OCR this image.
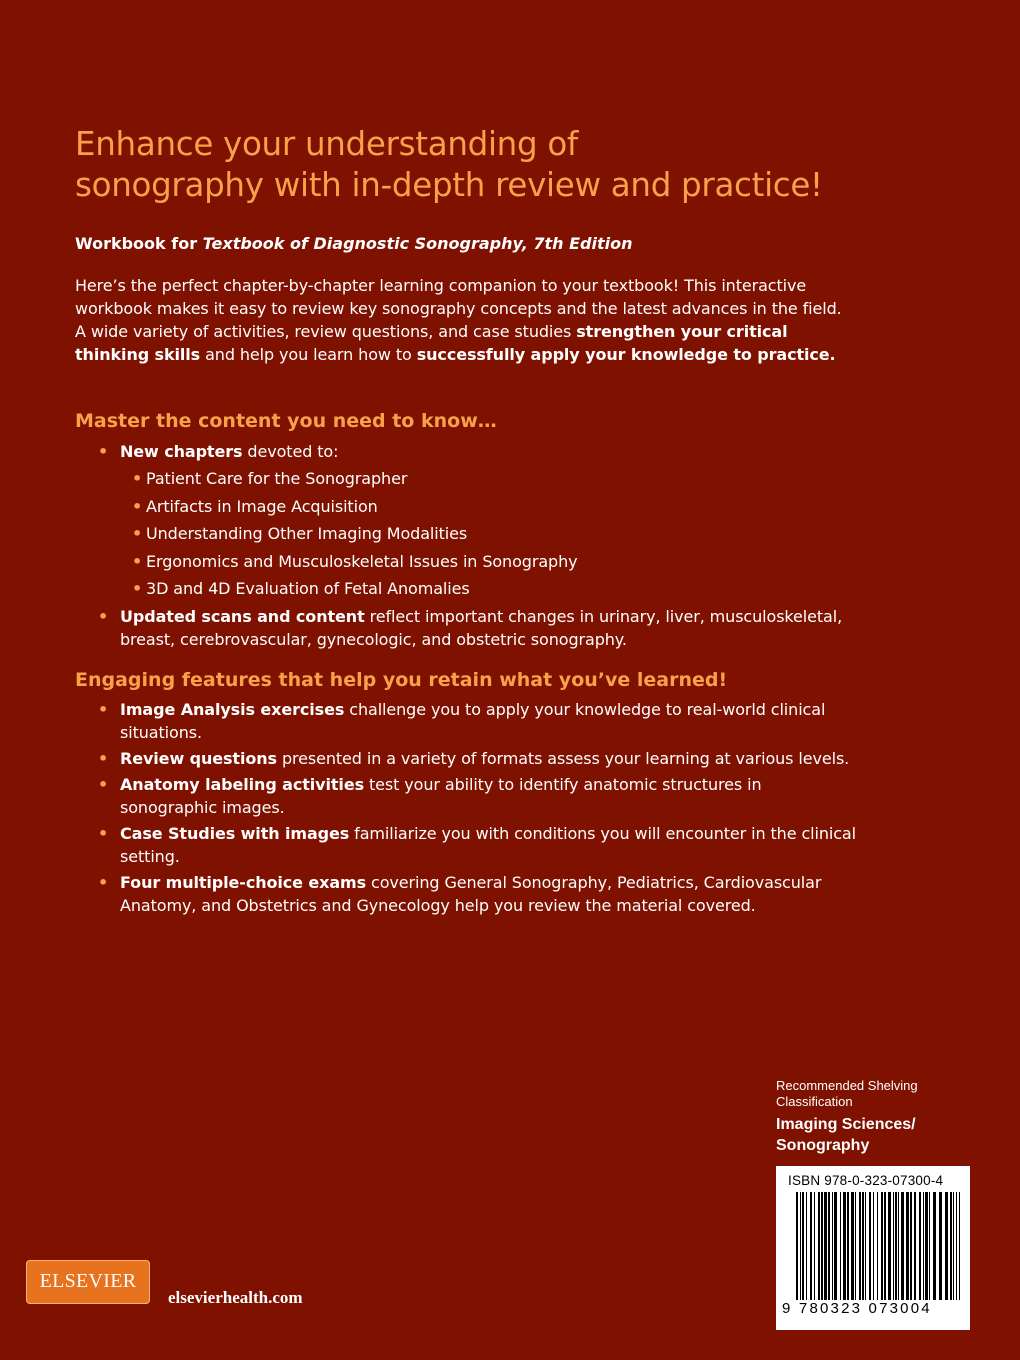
Enhance your understanding of
sonography with in-depth review and practice!

Workbook for Textbook of Diagnostic Sonography, 7th Edition

Here’s the perfect chapter-by-chapter learning companion to your textbook! This interactive workbook makes it easy to review key sonography concepts and the latest advances in the field. A wide variety of activities, review questions, and case studies strengthen your critical thinking skills and help you learn how to successfully apply your knowledge to practice.

Master the content you need to know…
• New chapters devoted to:
• Patient Care for the Sonographer
• Artifacts in Image Acquisition
• Understanding Other Imaging Modalities
• Ergonomics and Musculoskeletal Issues in Sonography
• 3D and 4D Evaluation of Fetal Anomalies
• Updated scans and content reflect important changes in urinary, liver, musculoskeletal, breast, cerebrovascular, gynecologic, and obstetric sonography.
Engaging features that help you retain what you’ve learned!
• Image Analysis exercises challenge you to apply your knowledge to real-world clinical situations.
• Review questions presented in a variety of formats assess your learning at various levels.
• Anatomy labeling activities test your ability to identify anatomic structures in sonographic images.
• Case Studies with images familiarize you with conditions you will encounter in the clinical setting.
• Four multiple-choice exams covering General Sonography, Pediatrics, Cardiovascular Anatomy, and Obstetrics and Gynecology help you review the material covered.
Recommended Shelving
Classification
Imaging Sciences/
Sonography
ISBN 978-0-323-07300-4
9 780323 073004
ELSEVIER
elsevierhealth.com
